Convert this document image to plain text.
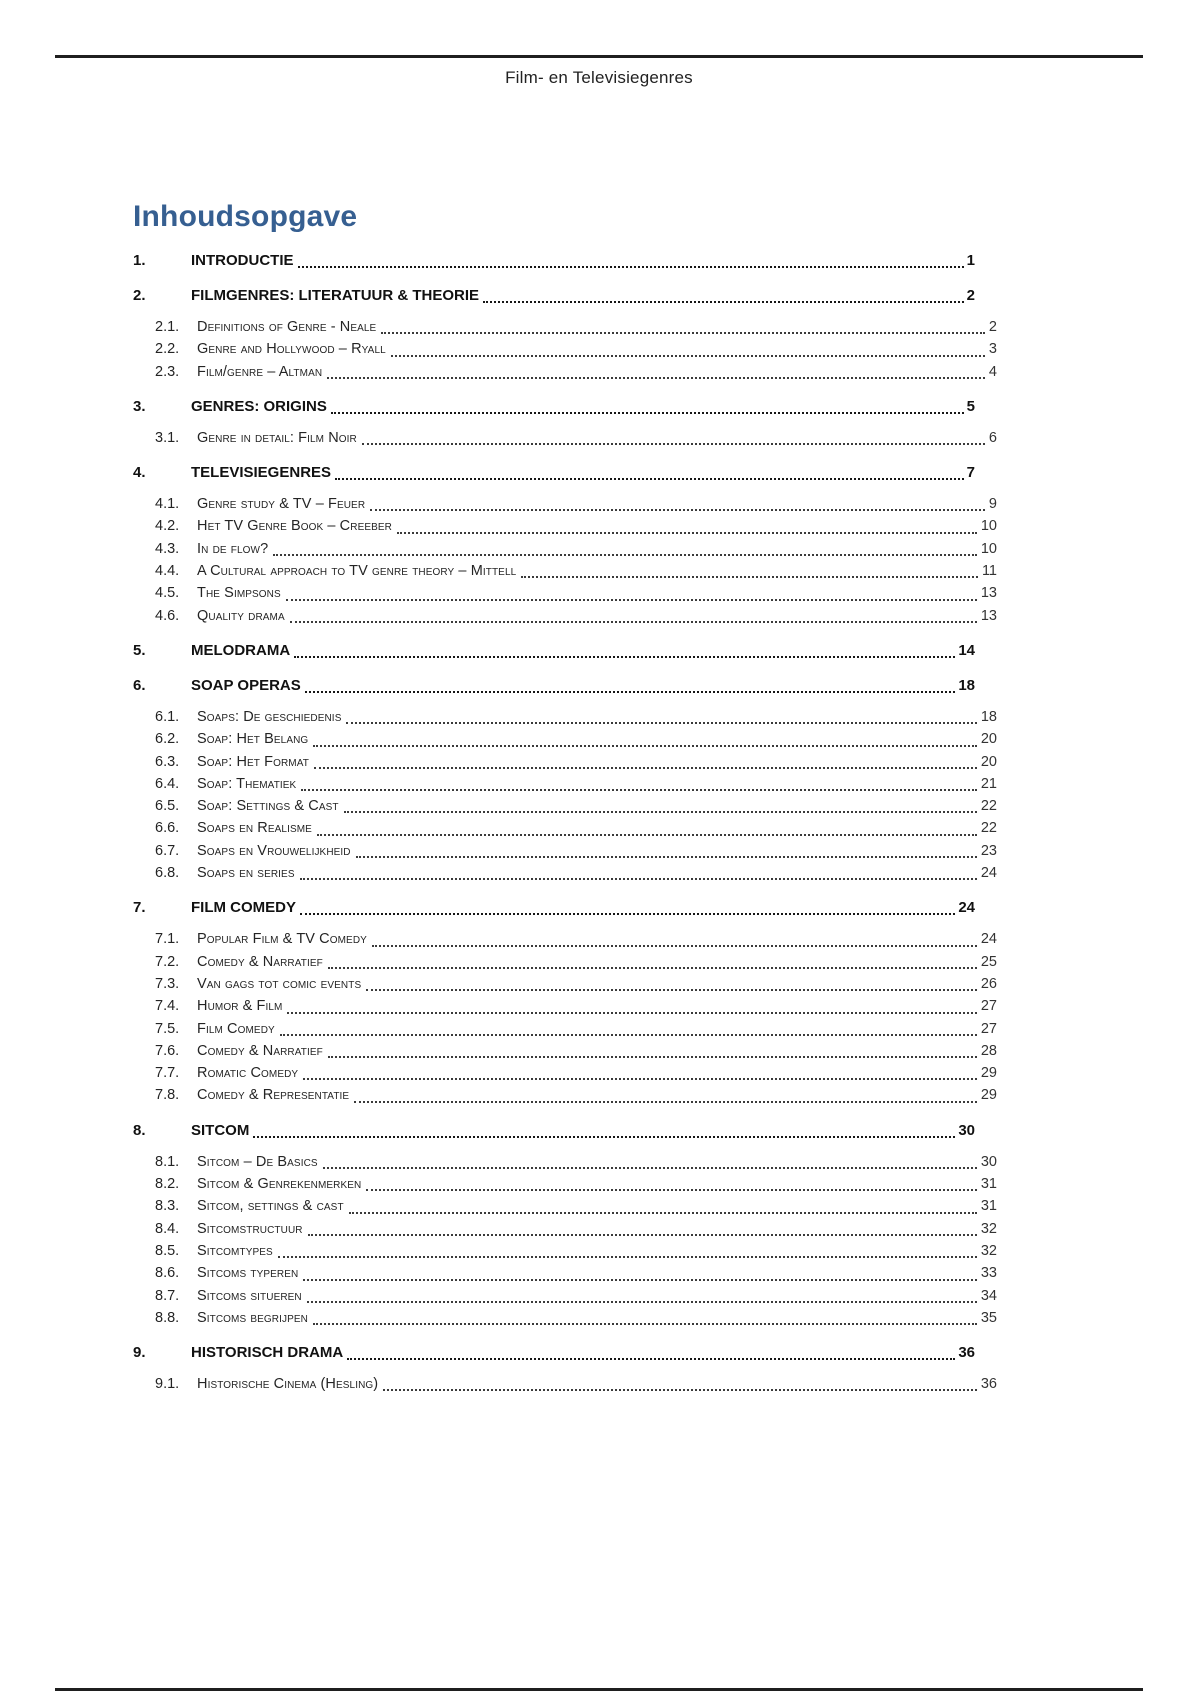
Film- en Televisiegenres
Inhoudsopgave
1.	INTRODUCTIE	1
2.	FILMGENRES: LITERATUUR & THEORIE	2
2.1.	Definitions of Genre - Neale	2
2.2.	Genre and Hollywood – Ryall	3
2.3.	Film/genre – Altman	4
3.	GENRES: ORIGINS	5
3.1.	Genre in detail: Film Noir	6
4.	TELEVISIEGENRES	7
4.1.	Genre study & TV – Feuer	9
4.2.	Het TV Genre Book – Creeber	10
4.3.	In de flow?	10
4.4.	A Cultural approach to TV genre theory – Mittell	11
4.5.	The Simpsons	13
4.6.	Quality drama	13
5.	MELODRAMA	14
6.	SOAP OPERAS	18
6.1.	Soaps: De geschiedenis	18
6.2.	Soap: Het Belang	20
6.3.	Soap: Het Format	20
6.4.	Soap: Thematiek	21
6.5.	Soap: Settings & Cast	22
6.6.	Soaps en Realisme	22
6.7.	Soaps en Vrouwelijkheid	23
6.8.	Soaps en series	24
7.	FILM COMEDY	24
7.1.	Popular Film & TV Comedy	24
7.2.	Comedy & Narratief	25
7.3.	Van gags tot comic events	26
7.4.	Humor & Film	27
7.5.	Film Comedy	27
7.6.	Comedy & Narratief	28
7.7.	Romatic Comedy	29
7.8.	Comedy & Representatie	29
8.	SITCOM	30
8.1.	Sitcom – De Basics	30
8.2.	Sitcom & Genrekenmerken	31
8.3.	Sitcom, settings & cast	31
8.4.	Sitcomstructuur	32
8.5.	Sitcomtypes	32
8.6.	Sitcoms typeren	33
8.7.	Sitcoms situeren	34
8.8.	Sitcoms begrijpen	35
9.	HISTORISCH DRAMA	36
9.1.	Historische Cinema (Hesling)	36
